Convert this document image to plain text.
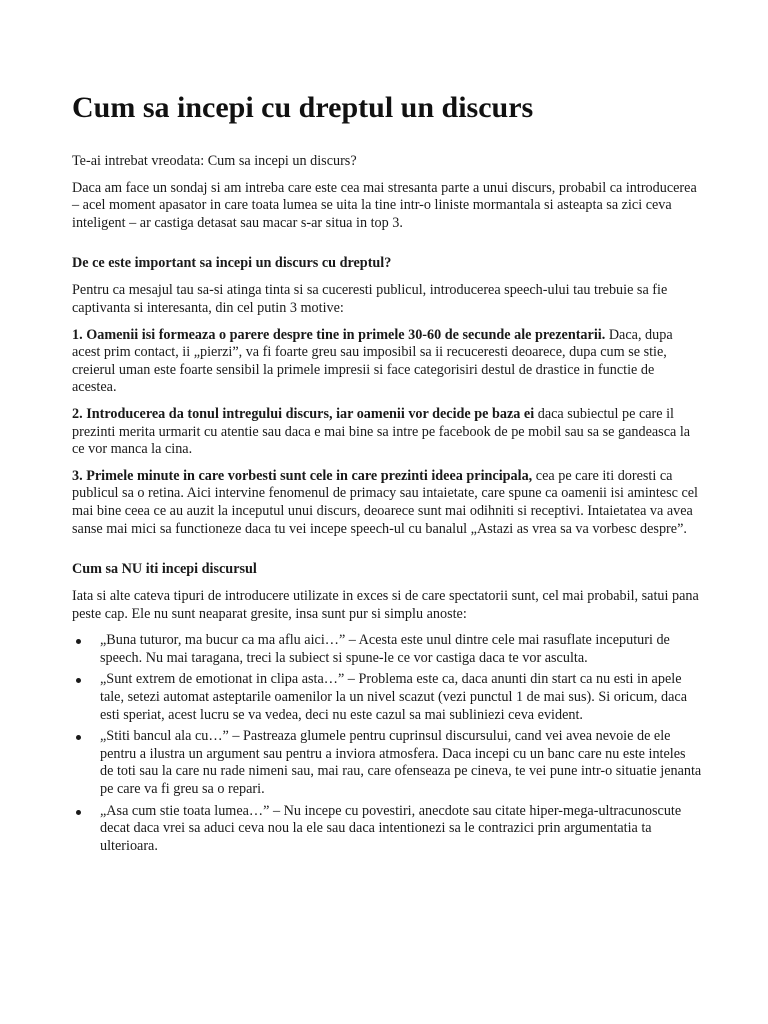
Cum sa incepi cu dreptul un discurs

Te-ai intrebat vreodata: Cum sa incepi un discurs?

Daca am face un sondaj si am intreba care este cea mai stresanta parte a unui discurs, probabil ca introducerea – acel moment apasator in care toata lumea se uita la tine intr-o liniste mormantala si asteapta sa zici ceva inteligent – ar castiga detasat sau macar s-ar situa in top 3.

De ce este important sa incepi un discurs cu dreptul?

Pentru ca mesajul tau sa-si atinga tinta si sa cuceresti publicul, introducerea speech-ului tau trebuie sa fie captivanta si interesanta, din cel putin 3 motive:

1. Oamenii isi formeaza o parere despre tine in primele 30-60 de secunde ale prezentarii. Daca, dupa acest prim contact, ii „pierzi”, va fi foarte greu sau imposibil sa ii recuceresti deoarece, dupa cum se stie, creierul uman este foarte sensibil la primele impresii si face categorisiri destul de drastice in functie de acestea.

2. Introducerea da tonul intregului discurs, iar oamenii vor decide pe baza ei daca subiectul pe care il prezinti merita urmarit cu atentie sau daca e mai bine sa intre pe facebook de pe mobil sau sa se gandeasca la ce vor manca la cina.

3. Primele minute in care vorbesti sunt cele in care prezinti ideea principala, cea pe care iti doresti ca publicul sa o retina. Aici intervine fenomenul de primacy sau intaietate, care spune ca oamenii isi amintesc cel mai bine ceea ce au auzit la inceputul unui discurs, deoarece sunt mai odihniti si receptivi. Intaietatea va avea sanse mai mici sa functioneze daca tu vei incepe speech-ul cu banalul „Astazi as vrea sa va vorbesc despre”.

Cum sa NU iti incepi discursul

Iata si alte cateva tipuri de introducere utilizate in exces si de care spectatorii sunt, cel mai probabil, satui pana peste cap. Ele nu sunt neaparat gresite, insa sunt pur si simplu anoste:

„Buna tuturor, ma bucur ca ma aflu aici…” – Acesta este unul dintre cele mai rasuflate inceputuri de speech. Nu mai taragana, treci la subiect si spune-le ce vor castiga daca te vor asculta.
„Sunt extrem de emotionat in clipa asta…” – Problema este ca, daca anunti din start ca nu esti in apele tale, setezi automat asteptarile oamenilor la un nivel scazut (vezi punctul 1 de mai sus). Si oricum, daca esti speriat, acest lucru se va vedea, deci nu este cazul sa mai subliniezi ceva evident.
„Stiti bancul ala cu…” – Pastreaza glumele pentru cuprinsul discursului, cand vei avea nevoie de ele pentru a ilustra un argument sau pentru a inviora atmosfera. Daca incepi cu un banc care nu este inteles de toti sau la care nu rade nimeni sau, mai rau, care ofenseaza pe cineva, te vei pune intr-o situatie jenanta pe care va fi greu sa o repari.
„Asa cum stie toata lumea…” – Nu incepe cu povestiri, anecdote sau citate hiper-mega-ultracunoscute decat daca vrei sa aduci ceva nou la ele sau daca intentionezi sa le contrazici prin argumentatia ta ulterioara.
